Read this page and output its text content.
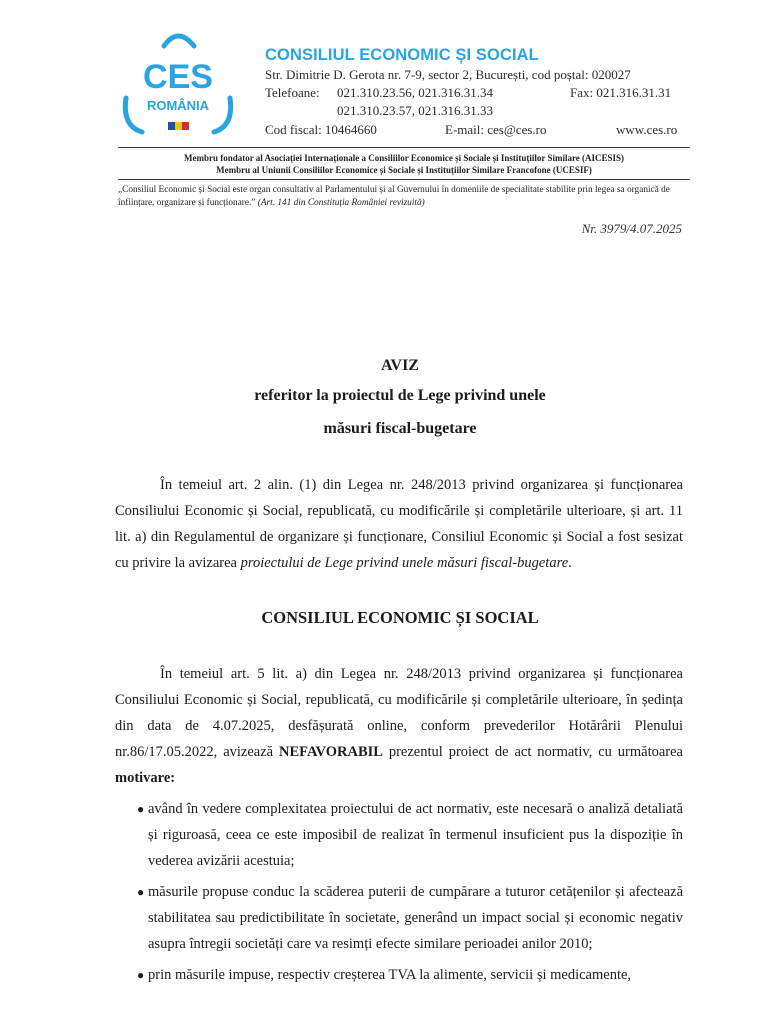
CES
ROMÂNIA
CONSILIUL ECONOMIC ȘI SOCIAL
Str. Dimitrie D. Gerota nr. 7-9, sector 2, București, cod poștal: 020027
Telefoane: 021.310.23.56, 021.316.31.34	Fax: 021.316.31.31
021.310.23.57, 021.316.31.33
Cod fiscal: 10464660	E-mail: ces@ces.ro	www.ces.ro
Membru fondator al Asociației Internaționale a Consiliilor Economice și Sociale și Instituțiilor Similare (AICESIS)
Membru al Uniunii Consiliilor Economice și Sociale și Instituțiilor Similare Francofone (UCESIF)
„Consiliul Economic și Social este organ consultativ al Parlamentului și al Guvernului în domeniile de specialitate stabilite prin legea sa organică de înființare, organizare și funcționare.” (Art. 141 din Constituția României revizuită)
Nr. 3979/4.07.2025
AVIZ
referitor la proiectul de Lege privind unele
măsuri fiscal-bugetare
În temeiul art. 2 alin. (1) din Legea nr. 248/2013 privind organizarea și funcționarea Consiliului Economic și Social, republicată, cu modificările și completările ulterioare, și art. 11 lit. a) din Regulamentul de organizare și funcționare, Consiliul Economic și Social a fost sesizat cu privire la avizarea proiectului de Lege privind unele măsuri fiscal-bugetare.
CONSILIUL ECONOMIC ȘI SOCIAL
În temeiul art. 5 lit. a) din Legea nr. 248/2013 privind organizarea și funcționarea Consiliului Economic și Social, republicată, cu modificările și completările ulterioare, în ședința din data de 4.07.2025, desfășurată online, conform prevederilor Hotărârii Plenului nr.86/17.05.2022, avizează NEFAVORABIL prezentul proiect de act normativ, cu următoarea motivare:
● având în vedere complexitatea proiectului de act normativ, este necesară o analiză detaliată și riguroasă, ceea ce este imposibil de realizat în termenul insuficient pus la dispoziție în vederea avizării acestuia;
● măsurile propuse conduc la scăderea puterii de cumpărare a tuturor cetățenilor și afectează stabilitatea sau predictibilitate în societate, generând un impact social și economic negativ asupra întregii societăți care va resimți efecte similare perioadei anilor 2010;
● prin măsurile impuse, respectiv creșterea TVA la alimente, servicii și medicamente,
